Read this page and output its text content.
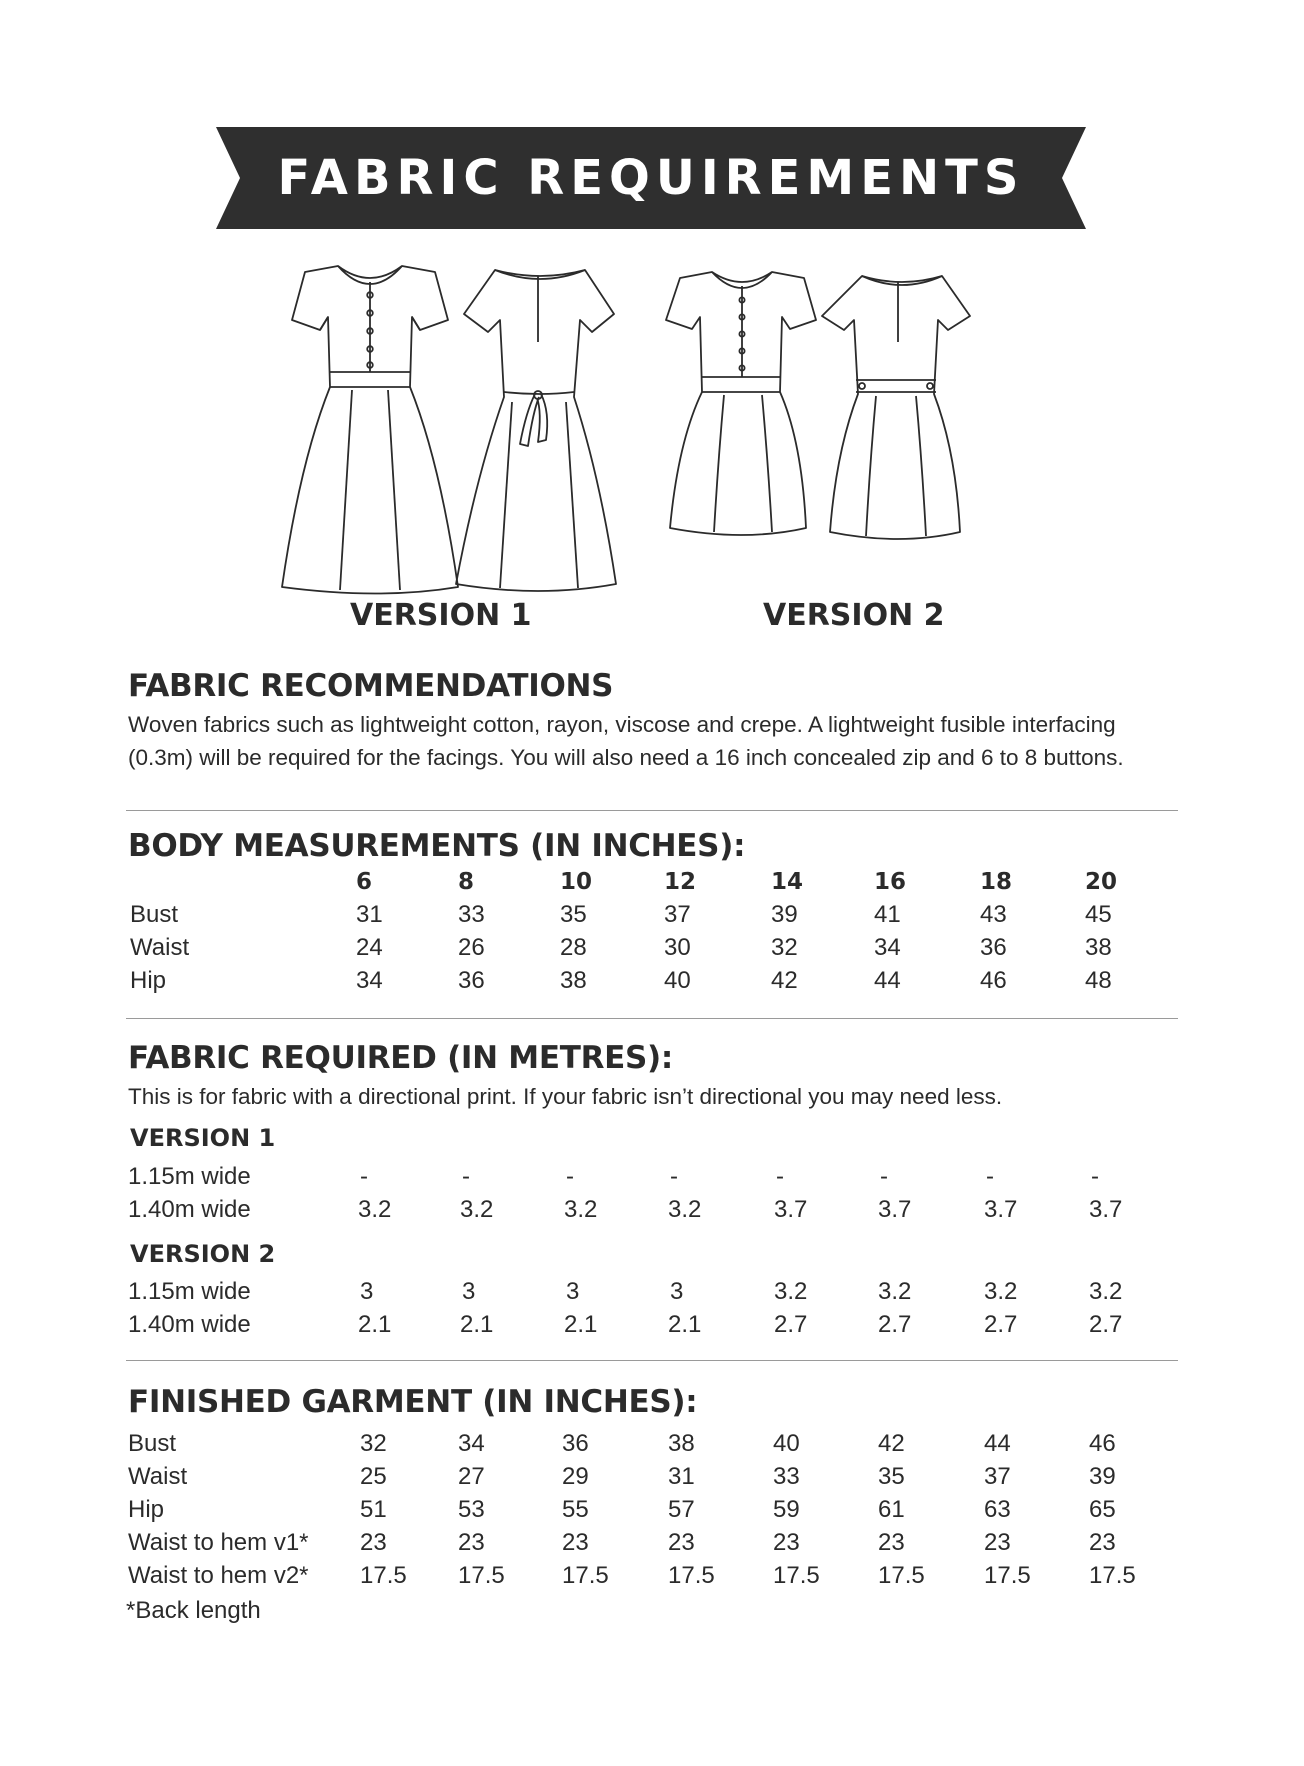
FABRIC REQUIREMENTS
VERSION 1	VERSION 2
FABRIC RECOMMENDATIONS
Woven fabrics such as lightweight cotton, rayon, viscose and crepe. A lightweight fusible interfacing
(0.3m) will be required for the facings. You will also need a 16 inch concealed zip and 6 to 8 buttons.
BODY MEASUREMENTS (IN INCHES):
6	8	10	12	14	16	18	20
Bust	31	33	35	37	39	41	43	45
Waist	24	26	28	30	32	34	36	38
Hip	34	36	38	40	42	44	46	48
FABRIC REQUIRED (IN METRES):
This is for fabric with a directional print. If your fabric isn’t directional you may need less.
VERSION 1
1.15m wide	-	-	-	-	-	-	-	-
1.40m wide	3.2	3.2	3.2	3.2	3.7	3.7	3.7	3.7
VERSION 2
1.15m wide	3	3	3	3	3.2	3.2	3.2	3.2
1.40m wide	2.1	2.1	2.1	2.1	2.7	2.7	2.7	2.7
FINISHED GARMENT (IN INCHES):
Bust	32	34	36	38	40	42	44	46
Waist	25	27	29	31	33	35	37	39
Hip	51	53	55	57	59	61	63	65
Waist to hem v1* 23	23	23	23	23	23	23	23
Waist to hem v2* 17.5 17.5 17.5 17.5 17.5 17.5 17.5 17.5
*Back length
